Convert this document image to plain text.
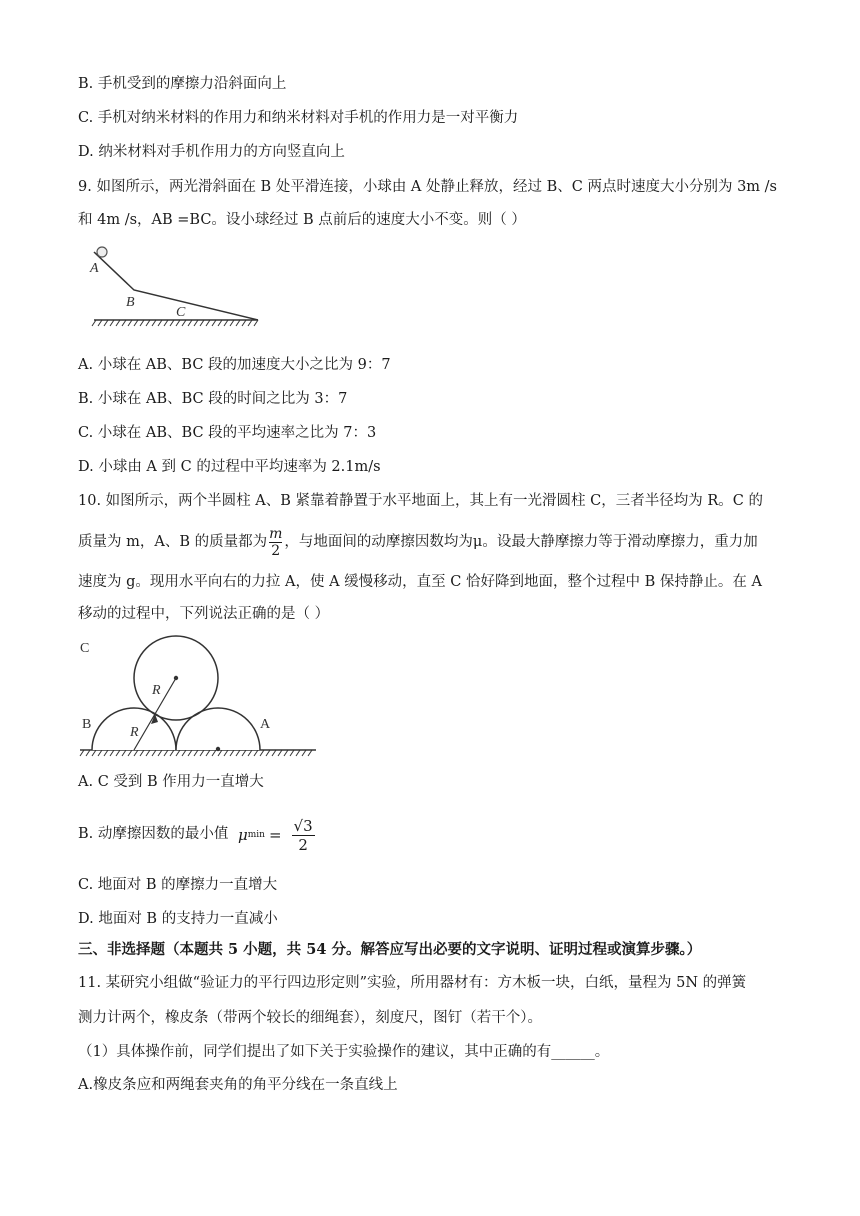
B. 手机受到的摩擦力沿斜面向上
C. 手机对纳米材料的作用力和纳米材料对手机的作用力是一对平衡力
D. 纳米材料对手机作用力的方向竖直向上
9. 如图所示，两光滑斜面在 B 处平滑连接，小球由 A 处静止释放，经过 B、C 两点时速度大小分别为 3m /s
和 4m /s，AB =BC。设小球经过 B 点前后的速度大小不变。则（ ）
A
B
C
A. 小球在 AB、BC 段的加速度大小之比为 9：7
B. 小球在 AB、BC 段的时间之比为 3：7
C. 小球在 AB、BC 段的平均速率之比为 7：3
D. 小球由 A 到 C 的过程中平均速率为 2.1m/s
10. 如图所示，两个半圆柱 A、B 紧靠着静置于水平地面上，其上有一光滑圆柱 C，三者半径均为 R。C 的
质量为 m，A、B 的质量都为 $\frac{m}{2}$ ，与地面间的动摩擦因数均为μ。设最大静摩擦力等于滑动摩擦力，重力加
速度为 g。现用水平向右的力拉 A，使 A 缓慢移动，直至 C 恰好降到地面，整个过程中 B 保持静止。在 A
移动的过程中，下列说法正确的是（ ）
C
B	A
R
R
A. C 受到 B 作用力一直增大
B. 动摩擦因数的最小值 μ $\min = \frac{√3}{2}$
C. 地面对 B 的摩擦力一直增大
D. 地面对 B 的支持力一直减小
三、非选择题（本题共 5 小题，共 54 分。解答应写出必要的文字说明、证明过程或演算步骤。）
11. 某研究小组做“验证力的平行四边形定则”实验，所用器材有：方木板一块，白纸，量程为 5N 的弹簧
测力计两个，橡皮条（带两个较长的细绳套），刻度尺，图钉（若干个）。
（1）具体操作前，同学们提出了如下关于实验操作的建议，其中正确的有______。
A.橡皮条应和两绳套夹角的角平分线在一条直线上
